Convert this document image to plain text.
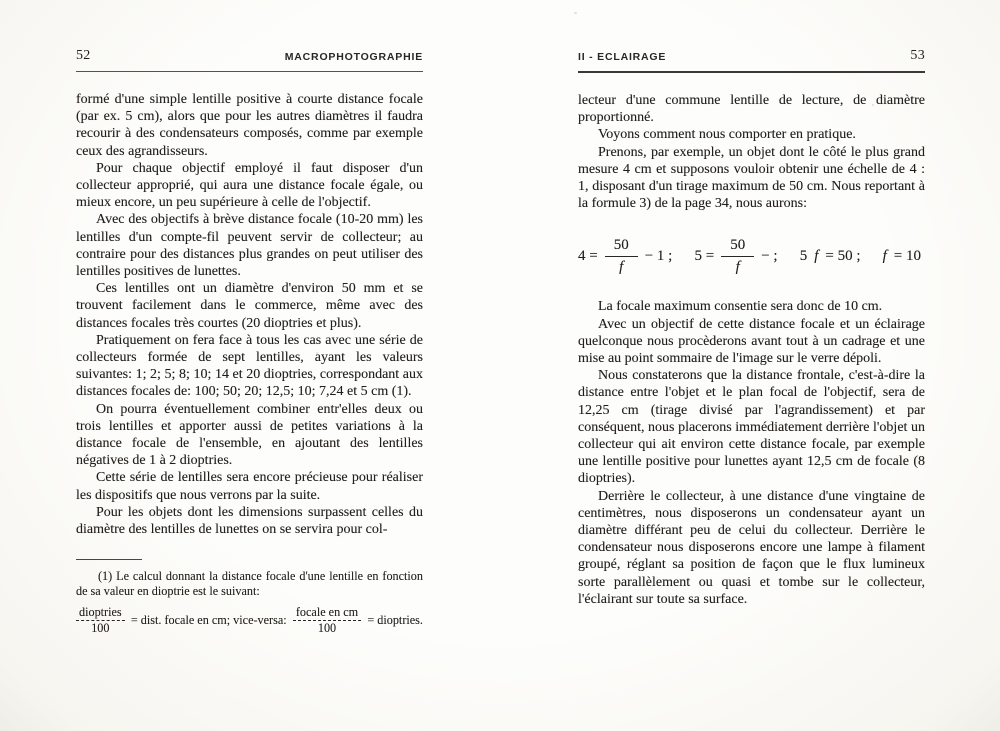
52	MACROPHOTOGRAPHIE

formé d'une simple lentille positive à courte distance focale (par ex. 5 cm), alors que pour les autres diamètres il faudra recourir à des condensateurs composés, comme par exemple ceux des agrandisseurs.

Pour chaque objectif employé il faut disposer d'un collecteur approprié, qui aura une distance focale égale, ou mieux encore, un peu supérieure à celle de l'objectif.

Avec des objectifs à brève distance focale (10-20 mm) les lentilles d'un compte-fil peuvent servir de collecteur; au contraire pour des distances plus grandes on peut utiliser des lentilles positives de lunettes.

Ces lentilles ont un diamètre d'environ 50 mm et se trouvent facilement dans le commerce, même avec des distances focales très courtes (20 dioptries et plus).

Pratiquement on fera face à tous les cas avec une série de collecteurs formée de sept lentilles, ayant les valeurs suivantes: 1; 2; 5; 8; 10; 14 et 20 dioptries, correspondant aux distances focales de: 100; 50; 20; 12,5; 10; 7,24 et 5 cm (1).

On pourra éventuellement combiner entr'elles deux ou trois lentilles et apporter aussi de petites variations à la distance focale de l'ensemble, en ajoutant des lentilles négatives de 1 à 2 dioptries.

Cette série de lentilles sera encore précieuse pour réaliser les dispositifs que nous verrons par la suite.

Pour les objets dont les dimensions surpassent celles du diamètre des lentilles de lunettes on se servira pour col-

(1) Le calcul donnant la distance focale d'une lentille en fonction de sa valeur en dioptrie est le suivant:

$\frac{\text{dioptries}}{100}$ = dist. focale en cm; vice-versa: $\frac{\text{focale en cm}}{100}$ = dioptries.
II - ECLAIRAGE	53

lecteur d'une commune lentille de lecture, de diamètre proportionné.

Voyons comment nous comporter en pratique.

Prenons, par exemple, un objet dont le côté le plus grand mesure 4 cm et supposons vouloir obtenir une échelle de 4 : 1, disposant d'un tirage maximum de 50 cm. Nous reportant à la formule 3) de la page 34, nous aurons:

$4 = \frac{50}{f} - 1$ ; $5 = \frac{50}{f}$ − ; 5 f = 50 ; f = 10

La focale maximum consentie sera donc de 10 cm.

Avec un objectif de cette distance focale et un éclairage quelconque nous procèderons avant tout à un cadrage et une mise au point sommaire de l'image sur le verre dépoli.

Nous constaterons que la distance frontale, c'est-à-dire la distance entre l'objet et le plan focal de l'objectif, sera de 12,25 cm (tirage divisé par l'agrandissement) et par conséquent, nous placerons immédiatement derrière l'objet un collecteur qui ait environ cette distance focale, par exemple une lentille positive pour lunettes ayant 12,5 cm de focale (8 dioptries).

Derrière le collecteur, à une distance d'une vingtaine de centimètres, nous disposerons un condensateur ayant un diamètre différant peu de celui du collecteur. Derrière le condensateur nous disposerons encore une lampe à filament groupé, réglant sa position de façon que le flux lumineux sorte parallèlement ou quasi et tombe sur le collecteur, l'éclairant sur toute sa surface.
